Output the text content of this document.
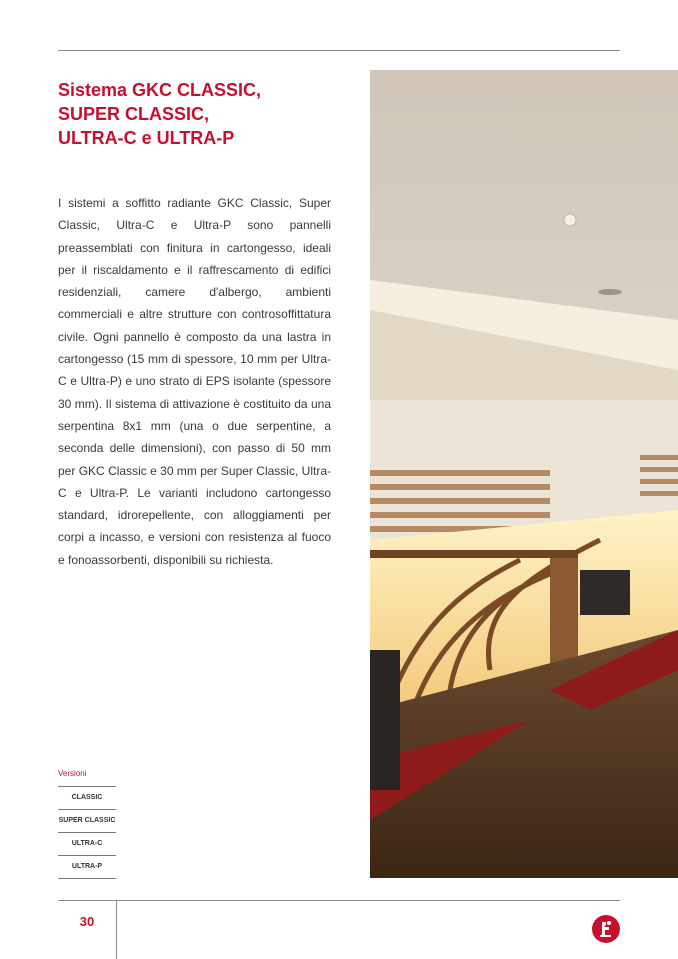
Sistema GKC CLASSIC,
SUPER CLASSIC,
ULTRA-C e ULTRA-P

I sistemi a soffitto radiante GKC Classic, Super Classic, Ultra-C e Ultra-P sono pannelli preassemblati con finitura in cartongesso, ideali per il riscaldamento e il raffrescamento di edifici residenziali, camere d'albergo, ambienti commerciali e altre strutture con controsoffittatura civile. Ogni pannello è composto da una lastra in cartongesso (15 mm di spessore, 10 mm per Ultra-C e Ultra-P) e uno strato di EPS isolante (spessore 30 mm). Il sistema di attivazione è costituito da una serpentina 8x1 mm (una o due serpentine, a seconda delle dimensioni), con passo di 50 mm per GKC Classic e 30 mm per Super Classic, Ultra-C e Ultra-P. Le varianti includono cartongesso standard, idrorepellente, con alloggiamenti per corpi a incasso, e versioni con resistenza al fuoco e fonoassorbenti, disponibili su richiesta.

Versioni
CLASSIC
SUPER CLASSIC
ULTRA-C
ULTRA-P
30
